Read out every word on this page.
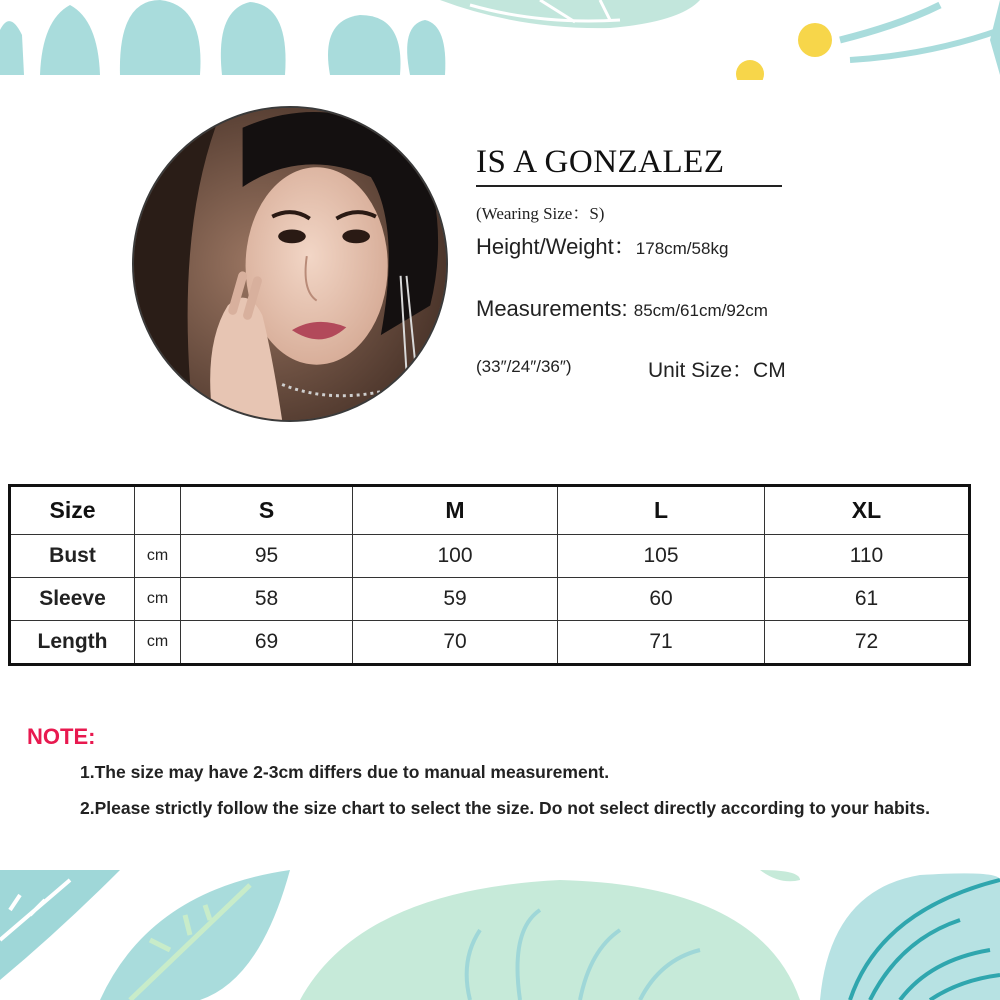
IS A GONZALEZ
(Wearing Size：S)
Height/Weight：178cm/58kg
Measurements: 85cm/61cm/92cm
(33″/24″/36″)	Unit Size：CM
Size		S	M	L	XL
Bust	cm	95	100	105	110
Sleeve	cm	58	59	60	61
Length	cm	69	70	71	72
NOTE:
1.The size may have 2-3cm differs due to manual measurement.
2.Please strictly follow the size chart to select the size. Do not select directly according to your habits.
